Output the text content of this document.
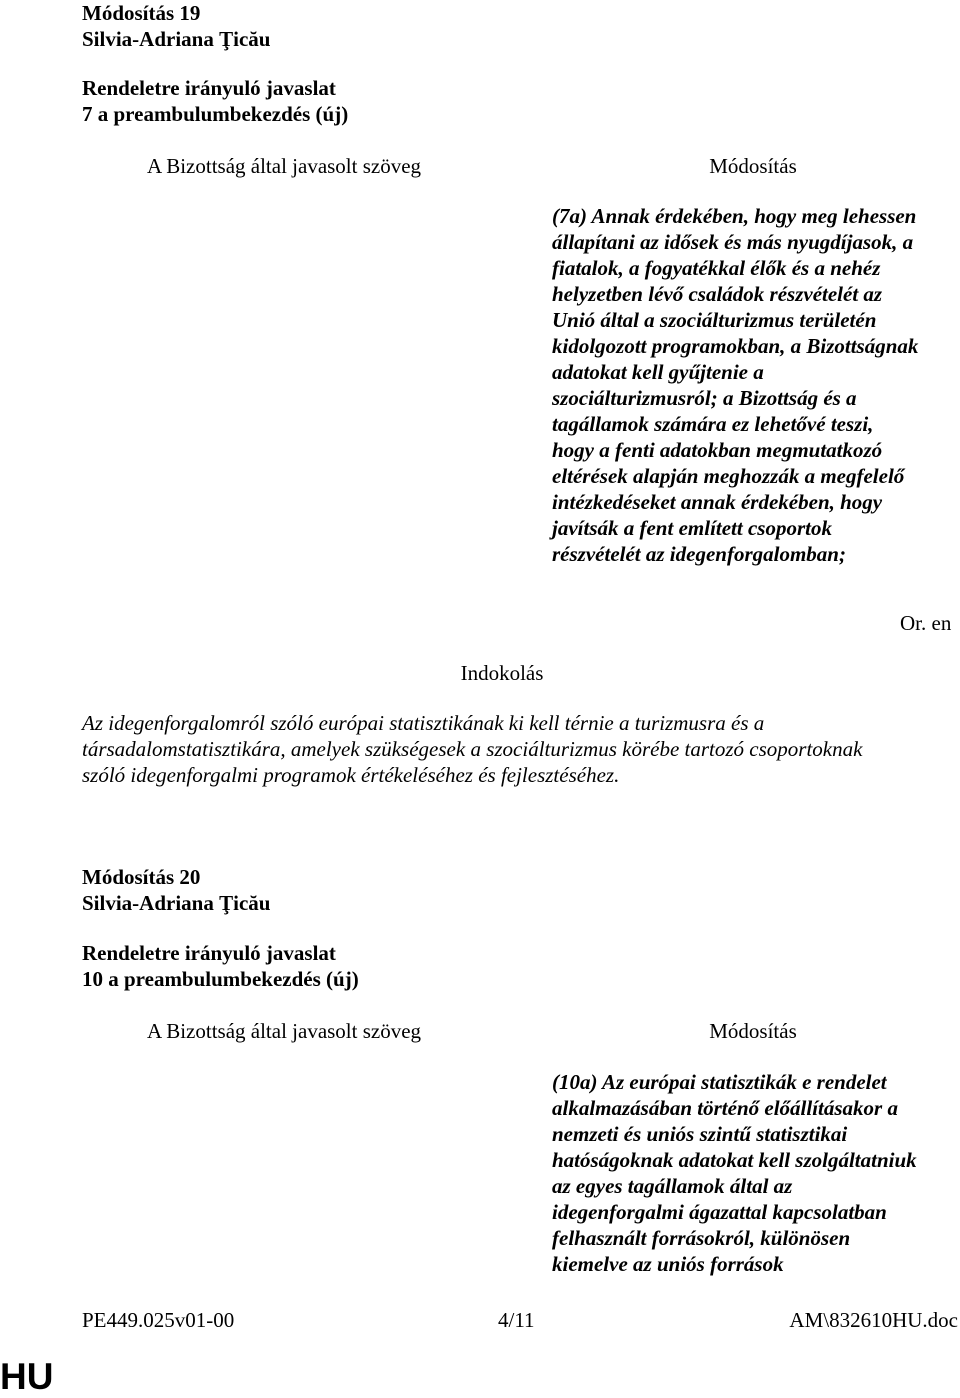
Módosítás 19
Silvia-Adriana Ţicău
Rendeletre irányuló javaslat
7 a preambulumbekezdés (új)
A Bizottság által javasolt szöveg	Módosítás
(7a) Annak érdekében, hogy meg lehessen
állapítani az idősek és más nyugdíjasok, a
fiatalok, a fogyatékkal élők és a nehéz
helyzetben lévő családok részvételét az
Unió által a szociálturizmus területén
kidolgozott programokban, a Bizottságnak
adatokat kell gyűjtenie a
szociálturizmusról; a Bizottság és a
tagállamok számára ez lehetővé teszi,
hogy a fenti adatokban megmutatkozó
eltérések alapján meghozzák a megfelelő
intézkedéseket annak érdekében, hogy
javítsák a fent említett csoportok
részvételét az idegenforgalomban;
Or. en
Indokolás
Az idegenforgalomról szóló európai statisztikának ki kell térnie a turizmusra és a
társadalomstatisztikára, amelyek szükségesek a szociálturizmus körébe tartozó csoportoknak
szóló idegenforgalmi programok értékeléséhez és fejlesztéséhez.
Módosítás 20
Silvia-Adriana Ţicău
Rendeletre irányuló javaslat
10 a preambulumbekezdés (új)
A Bizottság által javasolt szöveg	Módosítás
(10a) Az európai statisztikák e rendelet
alkalmazásában történő előállításakor a
nemzeti és uniós szintű statisztikai
hatóságoknak adatokat kell szolgáltatniuk
az egyes tagállamok által az
idegenforgalmi ágazattal kapcsolatban
felhasznált forrásokról, különösen
kiemelve az uniós források
PE449.025v01-00	4/11	AM\832610HU.doc
HU
